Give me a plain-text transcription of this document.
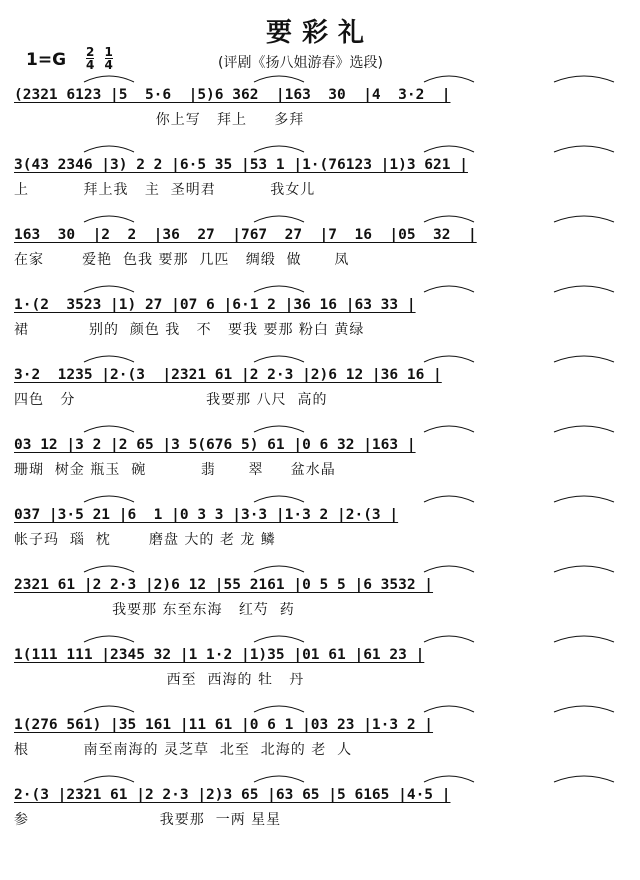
要彩礼
$1=G \frac{2}{4}$
$\frac{1}{4}$	(评剧《扬八姐游春》选段)
(2321 6123 |5  5·6  |5)6 362  |163  30  |4  3·2  |
你上写   拜上     多拜
3(43 2346 |3) 2 2 |6·5 35 |53 1 |1·(76123 |1)3 621 |
上          拜上我   主  圣明君          我女儿
163  30  |2  2  |36  27  |767  27  |7  16  |05  32  |
在家       爱艳  色我 要那  几匹   绸缎  做      凤
1·(2  3523 |1) 27 |07 6 |6·1 2 |36 16 |63 33 |
裙           别的  颜色 我   不   要我 要那 粉白 黄绿
3·2  1235 |2·(3  |2321 61 |2 2·3 |2)6 12 |36 16 |
四色   分                        我要那 八尺  高的
03 12 |3 2 |2 65 |3 5(676 5) 61 |0 6 32 |163 |
珊瑚  树金 瓶玉  碗          翡      翠     盆水晶
037 |3·5 21 |6  1 |0 3 3 |3·3 |1·3 2 |2·(3 |
帐子玛  瑙  枕       磨盘 大的 老 龙 鳞
2321 61 |2 2·3 |2)6 12 |55 2161 |0 5 5 |6 3532 |
我要那 东至东海   红芍  药
1(111 111 |2345 32 |1 1·2 |1)35 |01 61 |61 23 |
西至  西海的 牡   丹
1(276 561) |35 161 |11 61 |0 6 1 |03 23 |1·3 2 |
根          南至南海的 灵芝草  北至  北海的 老  人
2·(3 |2321 61 |2 2·3 |2)3 65 |63 65 |5 6165 |4·5 |
参                        我要那  一两 星星
